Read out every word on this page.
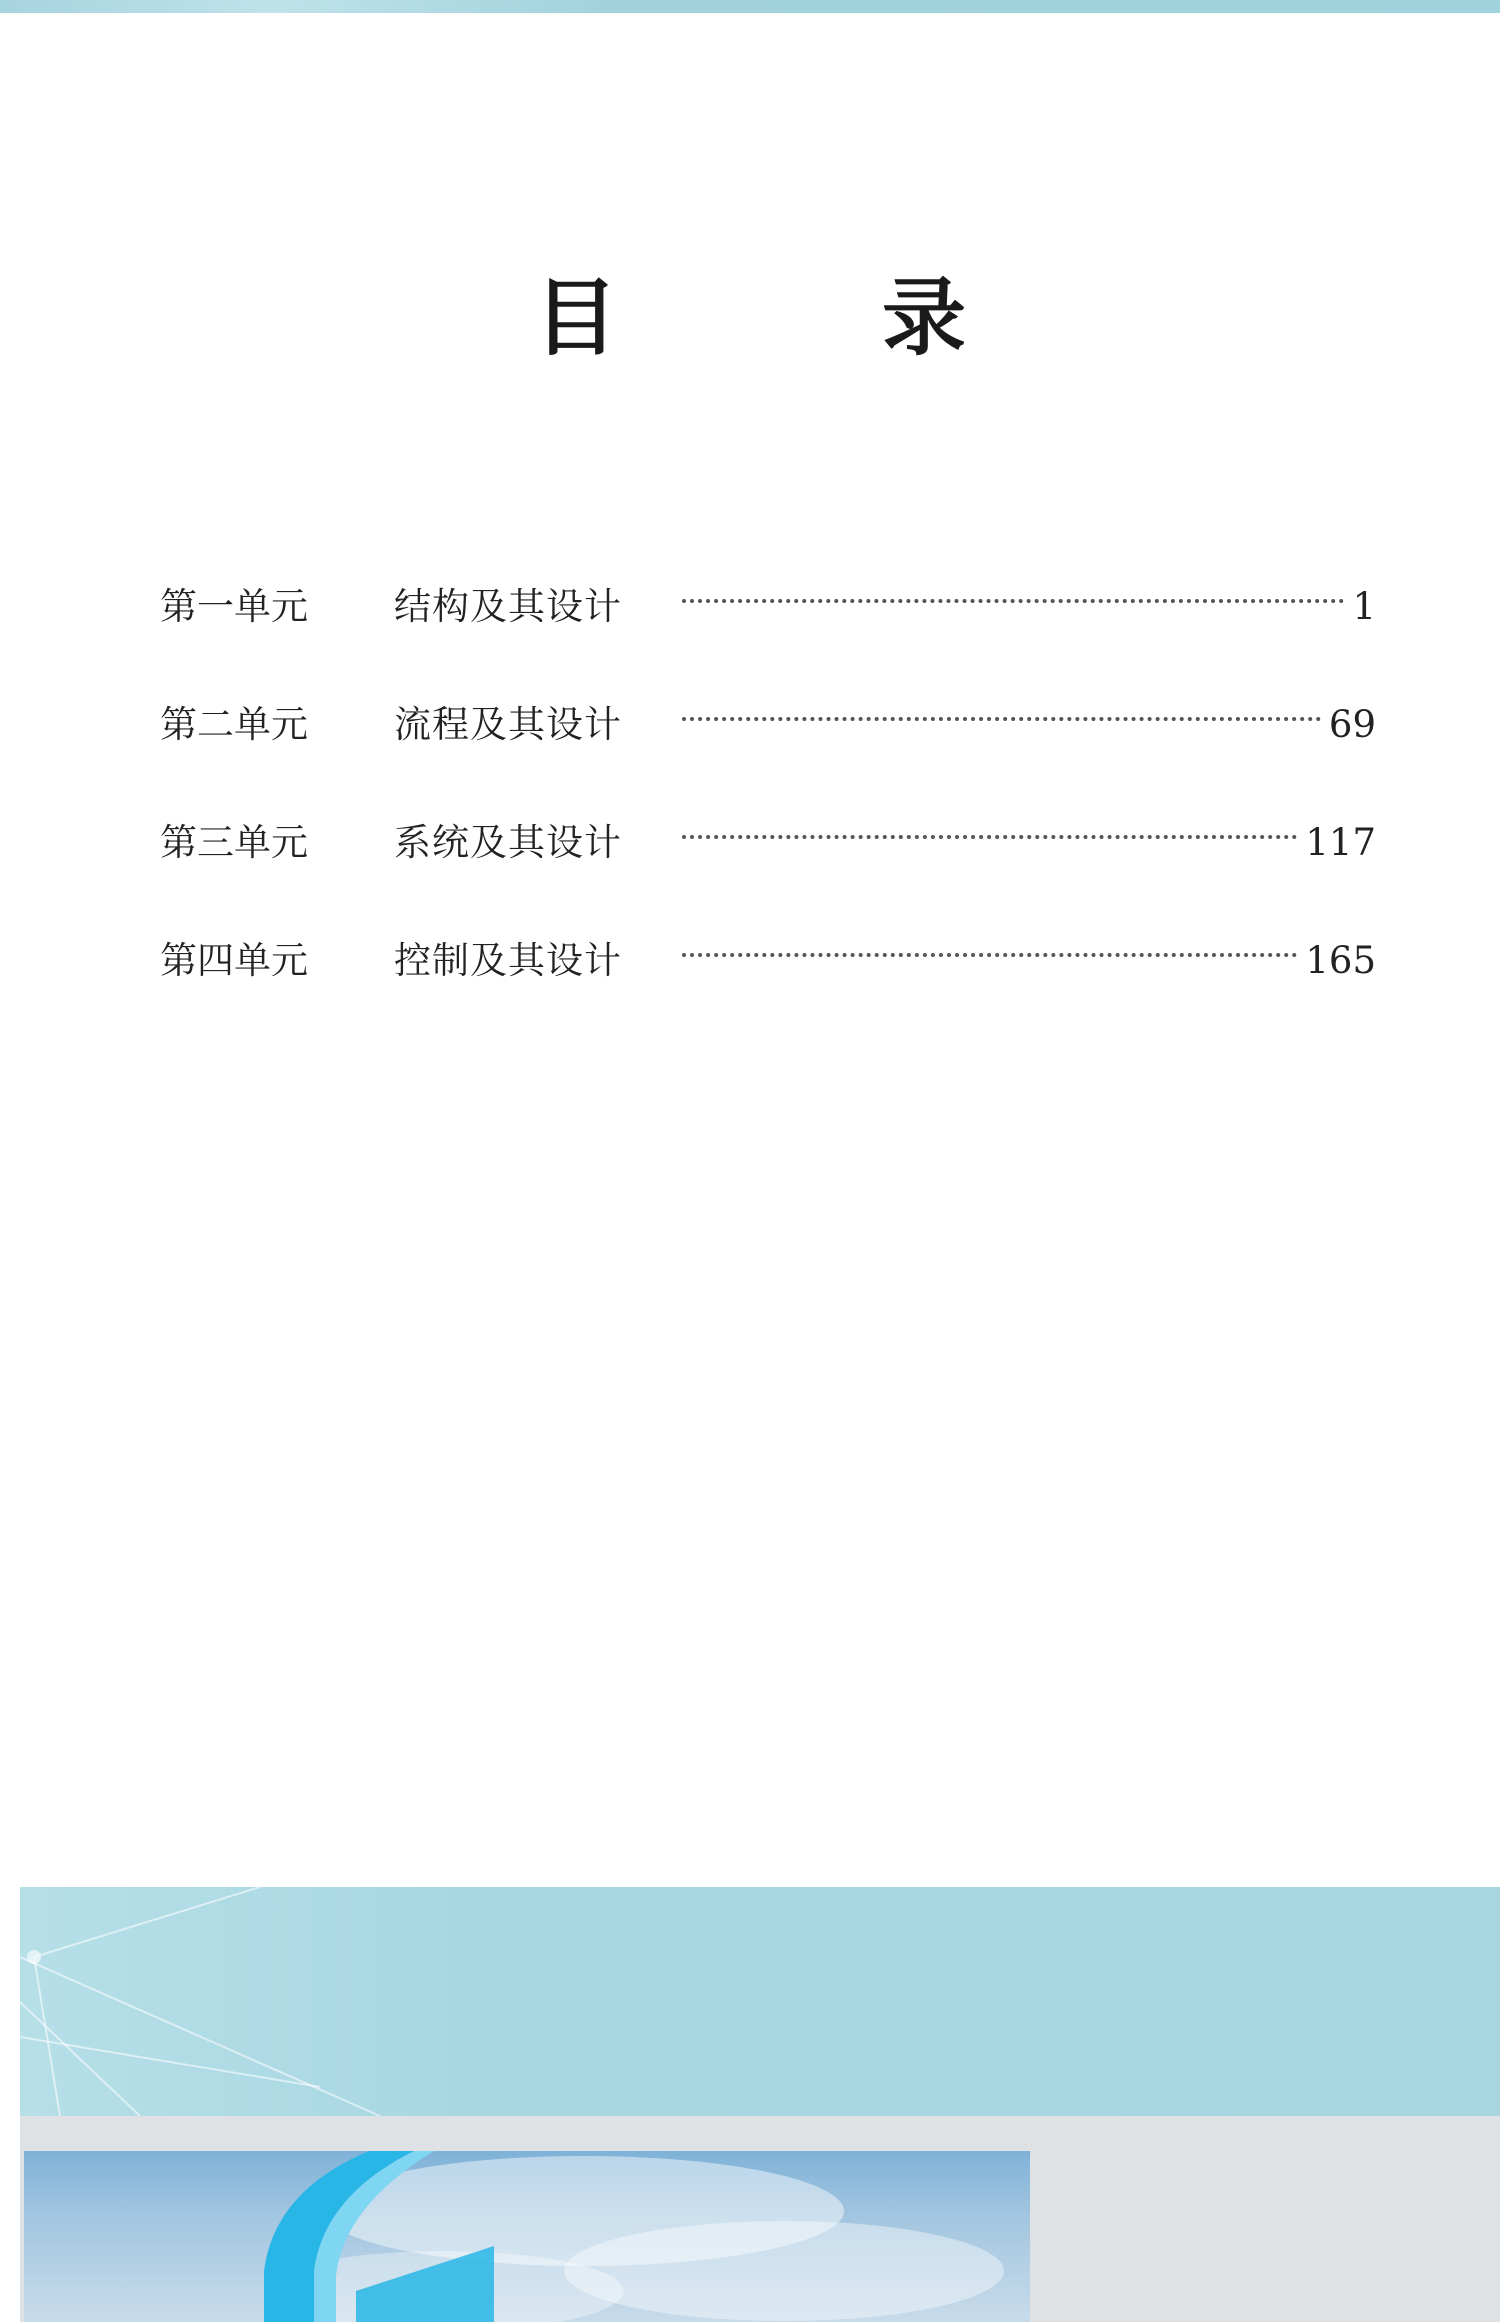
目　录
第一单元	结构及其设计	1
第二单元	流程及其设计	69
第三单元	系统及其设计	117
第四单元	控制及其设计	165
